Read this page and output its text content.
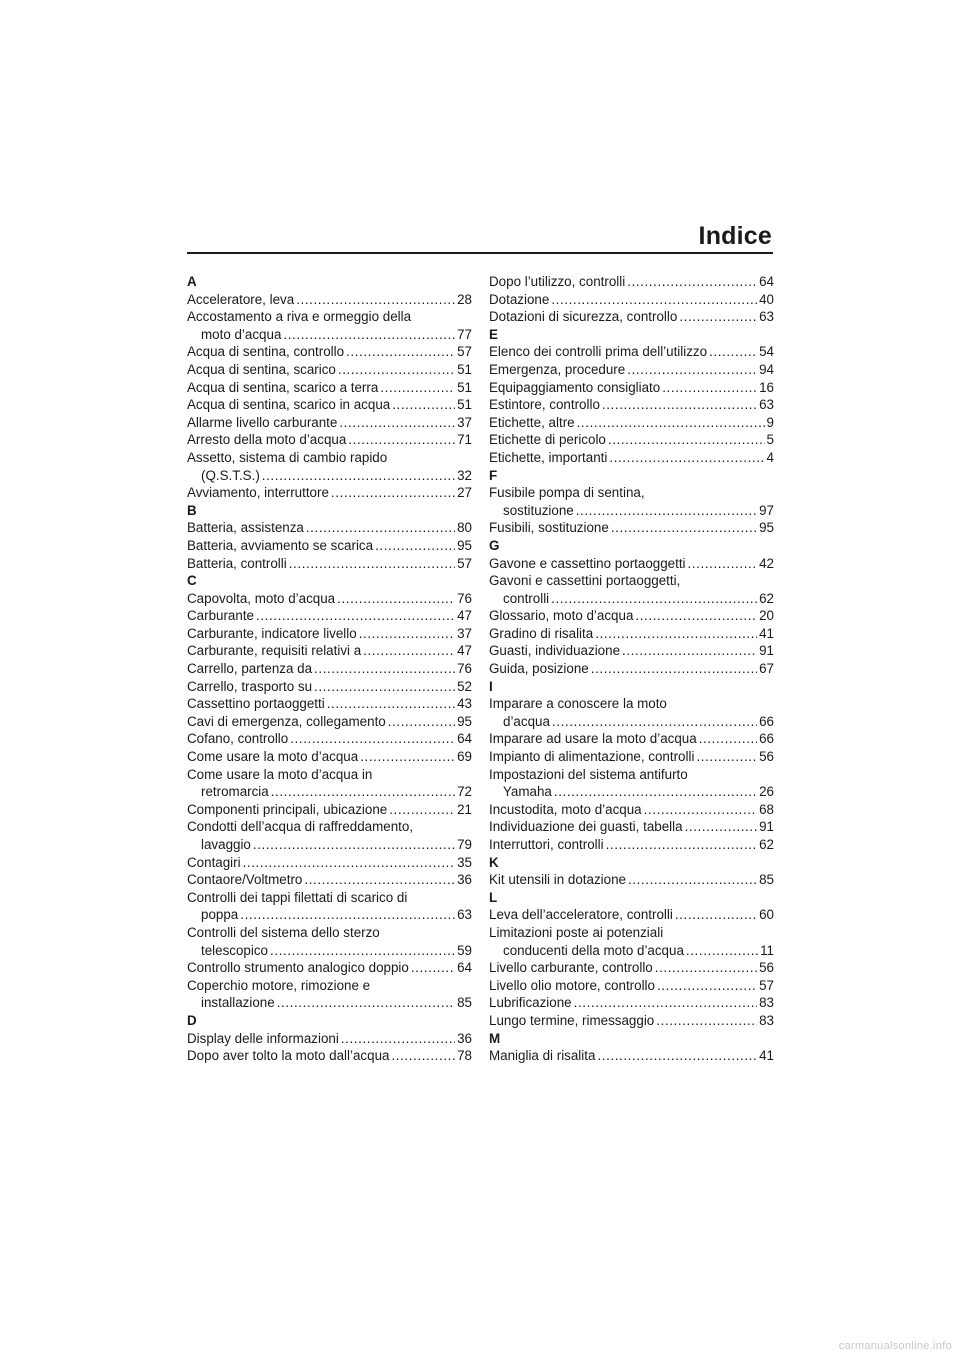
Indice
A
Acceleratore, leva .....	28
Accostamento a riva e ormeggio della
moto d’acqua .....	77
Acqua di sentina, controllo .....	57
Acqua di sentina, scarico .....	51
Acqua di sentina, scarico a terra .....	51
Acqua di sentina, scarico in acqua .....	51
Allarme livello carburante .....	37
Arresto della moto d’acqua .....	71
Assetto, sistema di cambio rapido
(Q.S.T.S.) .....	32
Avviamento, interruttore .....	27
B
Batteria, assistenza .....	80
Batteria, avviamento se scarica .....	95
Batteria, controlli .....	57
C
Capovolta, moto d’acqua .....	76
Carburante .....	47
Carburante, indicatore livello .....	37
Carburante, requisiti relativi a .....	47
Carrello, partenza da .....	76
Carrello, trasporto su .....	52
Cassettino portaoggetti .....	43
Cavi di emergenza, collegamento .....	95
Cofano, controllo .....	64
Come usare la moto d’acqua .....	69
Come usare la moto d’acqua in
retromarcia .....	72
Componenti principali, ubicazione .....	21
Condotti dell’acqua di raffreddamento,
lavaggio .....	79
Contagiri .....	35
Contaore/Voltmetro .....	36
Controlli dei tappi filettati di scarico di
poppa .....	63
Controlli del sistema dello sterzo
telescopico .....	59
Controllo strumento analogico doppio .....	64
Coperchio motore, rimozione e
installazione .....	85
D
Display delle informazioni .....	36
Dopo aver tolto la moto dall’acqua .....	78
Dopo l’utilizzo, controlli .....	64
Dotazione .....	40
Dotazioni di sicurezza, controllo .....	63
E
Elenco dei controlli prima dell’utilizzo .....	54
Emergenza, procedure .....	94
Equipaggiamento consigliato .....	16
Estintore, controllo .....	63
Etichette, altre .....	9
Etichette di pericolo .....	5
Etichette, importanti .....	4
F
Fusibile pompa di sentina,
sostituzione .....	97
Fusibili, sostituzione .....	95
G
Gavone e cassettino portaoggetti .....	42
Gavoni e cassettini portaoggetti,
controlli .....	62
Glossario, moto d’acqua .....	20
Gradino di risalita .....	41
Guasti, individuazione .....	91
Guida, posizione .....	67
I
Imparare a conoscere la moto
d’acqua .....	66
Imparare ad usare la moto d’acqua .....	66
Impianto di alimentazione, controlli .....	56
Impostazioni del sistema antifurto
Yamaha .....	26
Incustodita, moto d’acqua .....	68
Individuazione dei guasti, tabella .....	91
Interruttori, controlli .....	62
K
Kit utensili in dotazione .....	85
L
Leva dell’acceleratore, controlli .....	60
Limitazioni poste ai potenziali
conducenti della moto d’acqua .....	11
Livello carburante, controllo .....	56
Livello olio motore, controllo .....	57
Lubrificazione .....	83
Lungo termine, rimessaggio .....	83
M
Maniglia di risalita .....	41
carmanualsonline.info
